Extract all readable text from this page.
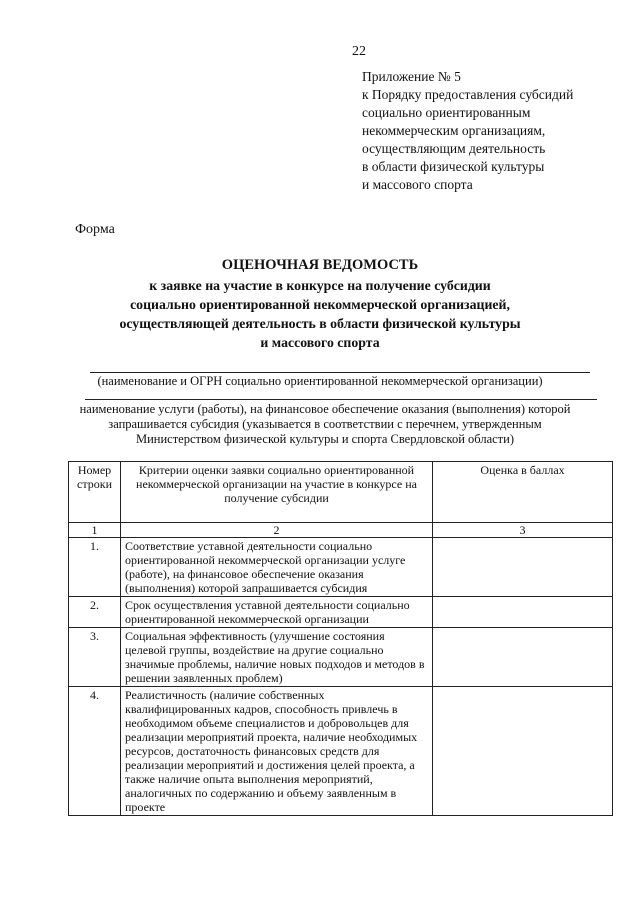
22
Приложение № 5
к Порядку предоставления субсидий
социально ориентированным
некоммерческим организациям,
осуществляющим деятельность
в области физической культуры
и массового спорта
Форма
ОЦЕНОЧНАЯ ВЕДОМОСТЬ
к заявке на участие в конкурсе на получение субсидии
социально ориентированной некоммерческой организацией,
осуществляющей деятельность в области физической культуры
и массового спорта
(наименование и ОГРН социально ориентированной некоммерческой организации)
наименование услуги (работы), на финансовое обеспечение оказания (выполнения) которой
запрашивается субсидия (указывается в соответствии с перечнем, утвержденным
Министерством физической культуры и спорта Свердловской области)
Номер строки	Критерии оценки заявки социально ориентированной некоммерческой организации на участие в конкурсе на получение субсидии	Оценка в баллах
1	2	3
1.	Соответствие уставной деятельности социально ориентированной некоммерческой организации услуге (работе), на финансовое обеспечение оказания (выполнения) которой запрашивается субсидия	
2.	Срок осуществления уставной деятельности социально ориентированной некоммерческой организации	
3.	Социальная эффективность (улучшение состояния целевой группы, воздействие на другие социально значимые проблемы, наличие новых подходов и методов в решении заявленных проблем)	
4.	Реалистичность (наличие собственных квалифицированных кадров, способность привлечь в необходимом объеме специалистов и добровольцев для реализации мероприятий проекта, наличие необходимых ресурсов, достаточность финансовых средств для реализации мероприятий и достижения целей проекта, а также наличие опыта выполнения мероприятий, аналогичных по содержанию и объему заявленным в проекте	
